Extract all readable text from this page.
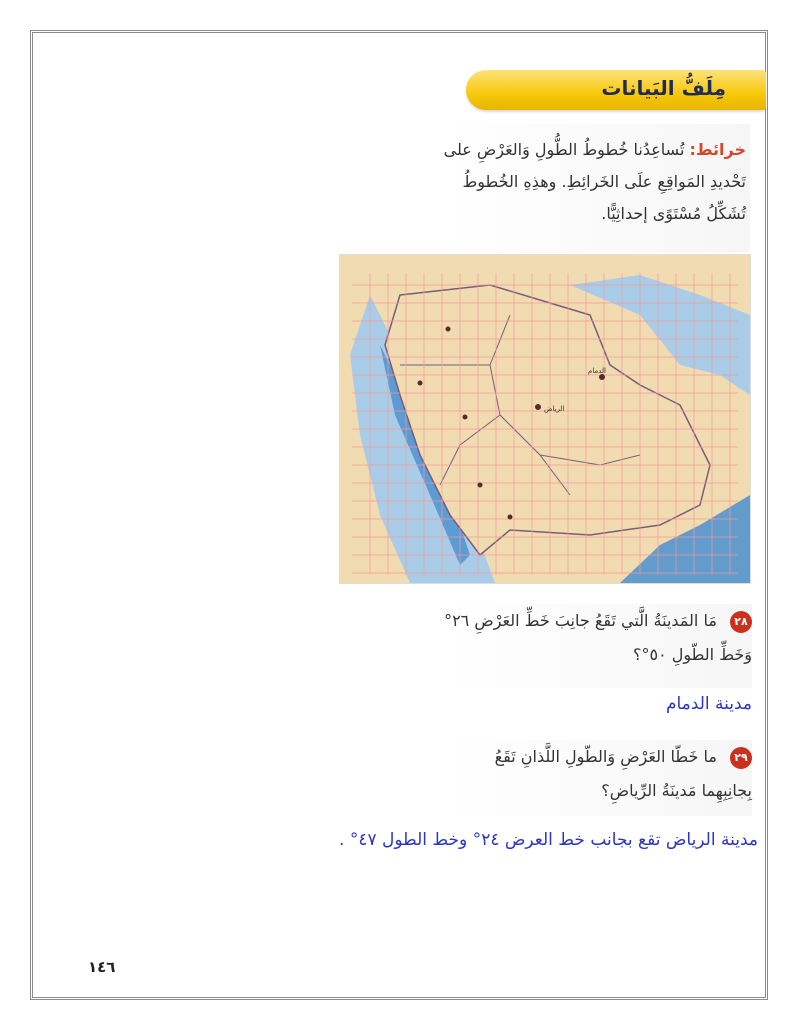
مِلَفُّ البَيانات

خرائط: تُساعِدُنا خُطوطُ الطُّولِ وَالعَرْضِ على تَحْديدِ المَواقِعِ علَى الخَرائِطِ. وهذِهِ الخُطوطُ تُشَكِّلُ مُسْتَوًى إحداثِيًّا.

الدمام
الرياض
٢٨ مَا المَدينَةُ الَّتي تَقَعُ جانِبَ خَطِّ العَرْضِ ٢٦° وَخَطِّ الطّولِ ٥٠°؟
مدينة الدمام
٢٩ ما خَطّا العَرْضِ وَالطّولِ اللَّذانِ تَقَعُ بِجانِبِهِما مَدينَةُ الرِّياضِ؟
مدينة الرياض تقع بجانب خط العرض ٢٤° وخط الطول ٤٧° .
١٤٦
